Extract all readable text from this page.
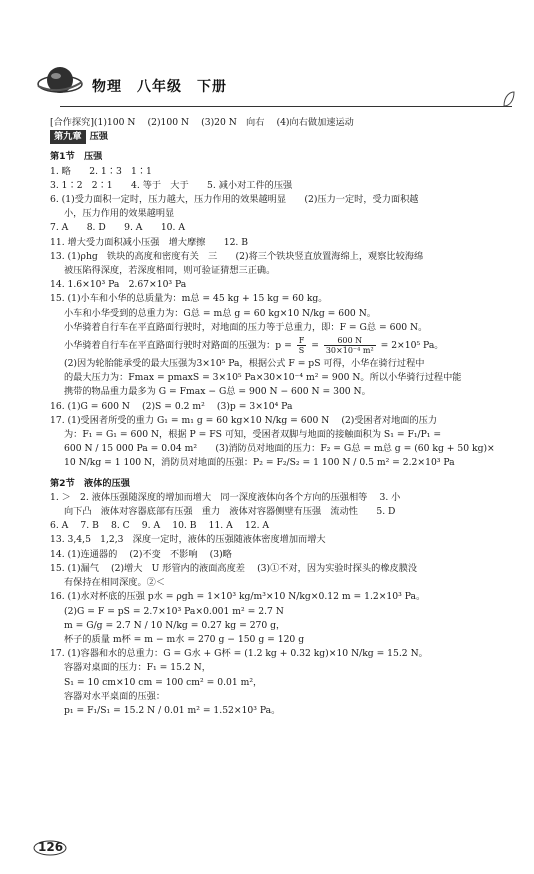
物理　八年级　下册
[合作探究](1)100 N　 (2)100 N　 (3)20 N　向右　 (4)向右做加速运动
第九章 压强
第1节　压强
1. 略　　2. 1∶3　1∶1
3. 1∶2　2∶1　　4. 等于　大于　　5. 减小对工件的压强
6. (1)受力面积一定时，压力越大，压力作用的效果越明显　　(2)压力一定时，受力面积越
小，压力作用的效果越明显
7. A　　8. D　　9. A　　10. A
11. 增大受力面积减小压强　增大摩擦　　12. B
13. (1)ρhg　铁块的高度和密度有关　三　　(2)将三个铁块竖直放置海绵上，观察比较海绵
被压陷得深度，若深度相同，则可验证猜想三正确。
14. 1.6×10³ Pa　2.67×10³ Pa
15. (1)小车和小华的总质量为：m总 = 45 kg + 15 kg = 60 kg。
小车和小华受到的总重力为：G总 = m总 g = 60 kg×10 N/kg = 600 N。
小华骑着自行车在平直路面行驶时，对地面的压力等于总重力，即：F = G总 = 600 N。
小华骑着自行车在平直路面行驶时对路面的压强为：$p = \frac{F}{S} = \frac{600 N}{\text{30×10⁻⁴ m²}} = 2\times 10^5$ Pa。
(2)因为轮胎能承受的最大压强为3×10⁵ Pa，根据公式 F = pS 可得，小华在骑行过程中
的最大压力为：Fmax = pmaxS = 3×10⁵ Pa×30×10⁻⁴ m² = 900 N。所以小华骑行过程中能
携带的物品重力最多为 G = Fmax − G总 = 900 N − 600 N = 300 N。
16. (1)G = 600 N　 (2)S = 0.2 m²　 (3)p = 3×10⁴ Pa
17. (1)受困者所受的重力 G₁ = m₁ g = 60 kg×10 N/kg = 600 N　 (2)受困者对地面的压力
为：F₁ = G₁ = 600 N，根据 P = FS 可知，受困者双脚与地面的接触面积为 S₁ = F₁/P₁ =
600 N / 15 000 Pa = 0.04 m²　　(3)消防员对地面的压力：F₂ = G总 = m总 g = (60 kg + 50 kg)×
10 N/kg = 1 100 N，消防员对地面的压强：P₂ = F₂/S₂ = 1 100 N / 0.5 m² = 2.2×10³ Pa
第2节　液体的压强
1. ＞　2. 液体压强随深度的增加而增大　同一深度液体向各个方向的压强相等　 3. 小
向下凸　液体对容器底部有压强　重力　液体对容器侧壁有压强　流动性　　5. D
6. A　 7. B　 8. C　 9. A　 10. B　 11. A　 12. A
13. 3,4,5　1,2,3　深度一定时，液体的压强随液体密度增加而增大
14. (1)连通器的　 (2)不变　不影响　 (3)略
15. (1)漏气　 (2)增大　U 形管内的液面高度差　 (3)①不对，因为实验时探头的橡皮膜没
有保持在相同深度。②＜
16. (1)水对杯底的压强 p水 = ρgh = 1×10³ kg/m³×10 N/kg×0.12 m = 1.2×10³ Pa。
(2)G = F = pS = 2.7×10³ Pa×0.001 m² = 2.7 N
m = G/g = 2.7 N / 10 N/kg = 0.27 kg = 270 g，
杯子的质量 m杯 = m − m水 = 270 g − 150 g = 120 g
17. (1)容器和水的总重力：G = G水 + G杯 = (1.2 kg + 0.32 kg)×10 N/kg = 15.2 N。
容器对桌面的压力：F₁ = 15.2 N，
S₁ = 10 cm×10 cm = 100 cm² = 0.01 m²，
容器对水平桌面的压强：
p₁ = F₁/S₁ = 15.2 N / 0.01 m² = 1.52×10³ Pa。
126
